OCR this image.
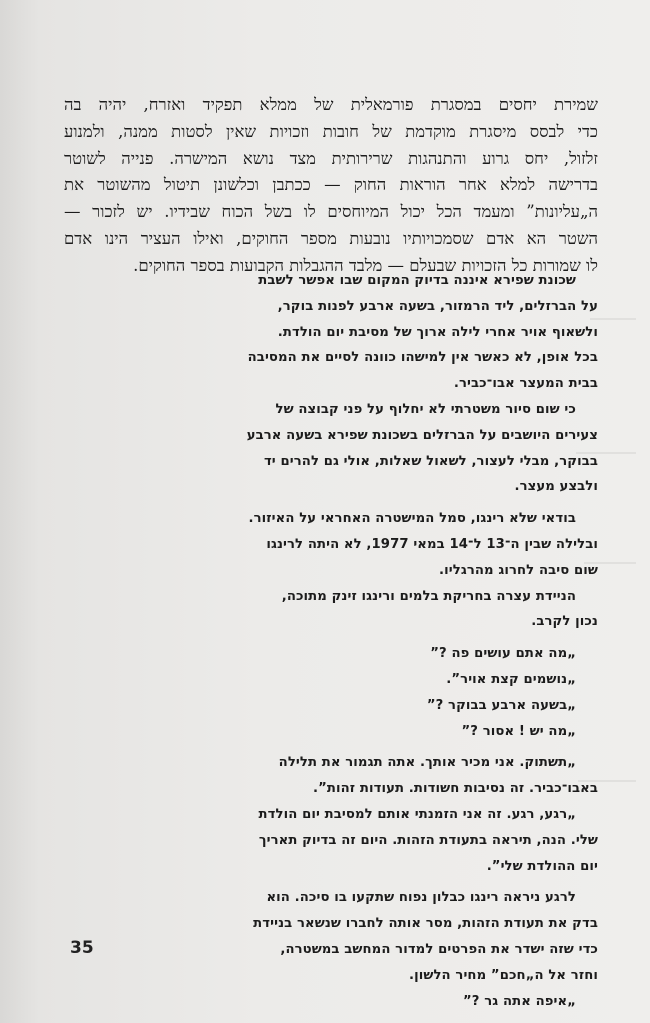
שמירת יחסים במסגרת פורמאלית של ממלא תפקיד ואזרח, יהיה בה
כדי לבסס מיסגרת מוקדמת של חובות וזכויות שאין לסטות ממנה, ולמנוע
זלזול, יחס גרוע והתנהגות שרירותית מצד נושא המישרה. פנייה לשוטר
בדרישה למלא אחר הוראות החוק — ככתבן וכלשונן תיטול מהשוטר את
ה„עליונות” ומעמד הכל יכול המיוחסים לו בשל הכוח שבידיו. יש לזכור —
השטר הא אדם שסמכויותיו נובעות מספר החוקים, ואילו העציר הינו אדם
לו שמורות כל הזכויות שבעלם — מלבד ההגבלות הקבועות בספר החוקים.

שכונת שפירא איננה בדיוק המקום שבו אפשר לשבת
על הברזלים, ליד הרמזור, בשעה ארבע לפנות בוקר,
ולשאוף אויר אחרי לילה ארוך של מסיבת יום הולדת.
בכל אופן, לא כאשר אין למישהו כוונה לסיים את המסיבה
בבית המעצר אבו־כביר.

כי שום סיור משטרתי לא יחלוף על פני קבוצה של
צעירים היושבים על הברזלים בשכונת שפירא בשעה ארבע
בבוקר, מבלי לעצור, לשאול שאלות, אולי גם להרים יד
ולבצע מעצר.

בודאי שלא רינגו, סמל המישטרה האחראי על האיזור.
ובלילה שבין ה־13 ל־14 במאי 1977, לא היתה לרינגו
שום סיבה לחרוג מהרגליו.

הניידת עצרה בחריקת בלמים ורינגו זינק מתוכה,
נכון לקרב.

„מה אתם עושים פה ?”

„נושמים קצת אויר”.

„בשעה ארבע בבוקר ?”

„מה יש ! אסור ?”

„תשתוק. אני מכיר אותך. אתה תגמור את תלילה
באבו־כביר. זה נסיבות חשודות. תעודות זהות”.

„רגע, רגע. זה אני הזמנתי אותם למסיבת יום הולדת
שלי. הנה, תיראה בתעודת הזהות. היום זה בדיוק תאריך
יום ההולדת שלי”.

לרגע ניראה רינגו כבלון נפוח שתקעו בו סיכה. הוא
בדק את תעודת הזהות, מסר אותה לחברו שנשאר בניידת
כדי שזה ישדר את הפרטים למדור המחשב במשטרה,
וחזר אל ה„חכם” מחיר הלשון.

„איפה אתה גר ?”

35
